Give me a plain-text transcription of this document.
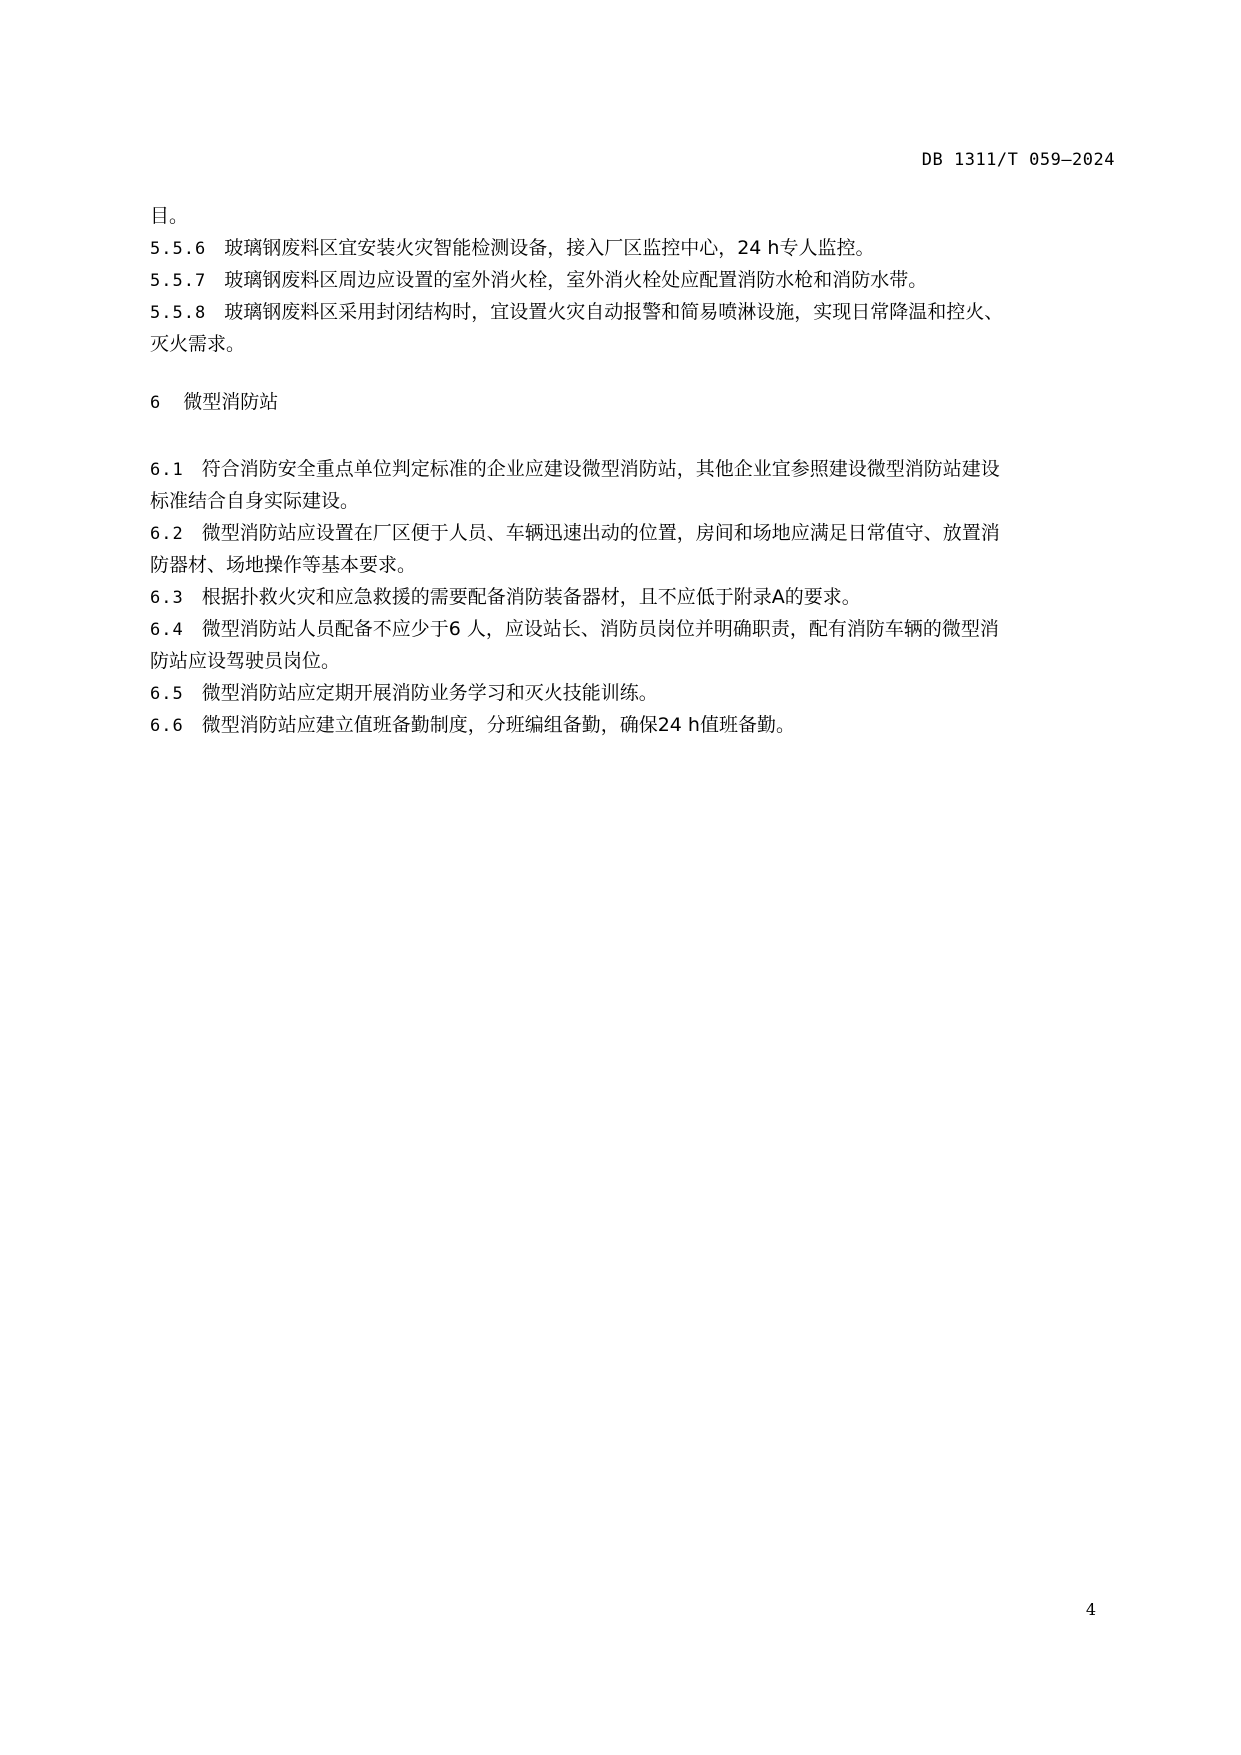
DB 1311/T 059—2024
目。
5.5.6 玻璃钢废料区宜安装火灾智能检测设备，接入厂区监控中心，24 h专人监控。
5.5.7 玻璃钢废料区周边应设置的室外消火栓，室外消火栓处应配置消防水枪和消防水带。
5.5.8 玻璃钢废料区采用封闭结构时，宜设置火灾自动报警和简易喷淋设施，实现日常降温和控火、
灭火需求。
6 微型消防站
6.1 符合消防安全重点单位判定标准的企业应建设微型消防站，其他企业宜参照建设微型消防站建设
标准结合自身实际建设。
6.2 微型消防站应设置在厂区便于人员、车辆迅速出动的位置，房间和场地应满足日常值守、放置消
防器材、场地操作等基本要求。
6.3 根据扑救火灾和应急救援的需要配备消防装备器材，且不应低于附录A的要求。
6.4 微型消防站人员配备不应少于6 人，应设站长、消防员岗位并明确职责，配有消防车辆的微型消
防站应设驾驶员岗位。
6.5 微型消防站应定期开展消防业务学习和灭火技能训练。
6.6 微型消防站应建立值班备勤制度，分班编组备勤，确保24 h值班备勤。
4
